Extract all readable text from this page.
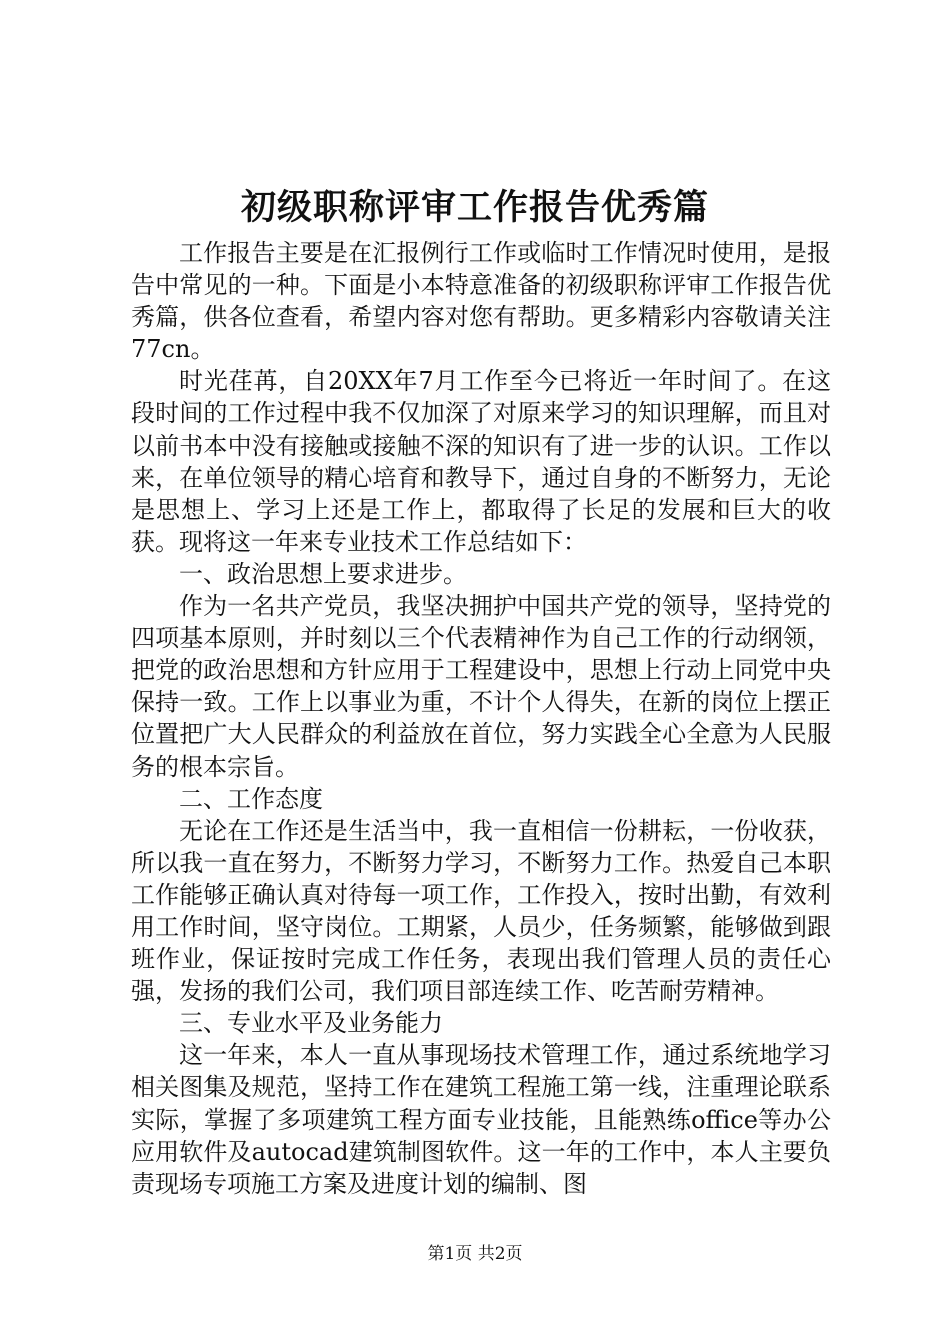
初级职称评审工作报告优秀篇

工作报告主要是在汇报例行工作或临时工作情况时使用，是报告中常见的一种。下面是小本特意准备的初级职称评审工作报告优秀篇，供各位查看，希望内容对您有帮助。更多精彩内容敬请关注77cn。

时光荏苒，自20XX年7月工作至今已将近一年时间了。在这段时间的工作过程中我不仅加深了对原来学习的知识理解，而且对以前书本中没有接触或接触不深的知识有了进一步的认识。工作以来，在单位领导的精心培育和教导下，通过自身的不断努力，无论是思想上、学习上还是工作上，都取得了长足的发展和巨大的收获。现将这一年来专业技术工作总结如下：

一、政治思想上要求进步。

作为一名共产党员，我坚决拥护中国共产党的领导，坚持党的四项基本原则，并时刻以三个代表精神作为自己工作的行动纲领，把党的政治思想和方针应用于工程建设中，思想上行动上同党中央保持一致。工作上以事业为重，不计个人得失，在新的岗位上摆正位置把广大人民群众的利益放在首位，努力实践全心全意为人民服务的根本宗旨。

二、工作态度

无论在工作还是生活当中，我一直相信一份耕耘，一份收获，所以我一直在努力，不断努力学习，不断努力工作。热爱自己本职工作能够正确认真对待每一项工作，工作投入，按时出勤，有效利用工作时间，坚守岗位。工期紧，人员少，任务频繁，能够做到跟班作业，保证按时完成工作任务，表现出我们管理人员的责任心强，发扬的我们公司，我们项目部连续工作、吃苦耐劳精神。

三、专业水平及业务能力

这一年来，本人一直从事现场技术管理工作，通过系统地学习相关图集及规范，坚持工作在建筑工程施工第一线，注重理论联系实际，掌握了多项建筑工程方面专业技能，且能熟练office等办公应用软件及autocad建筑制图软件。这一年的工作中，本人主要负责现场专项施工方案及进度计划的编制、图

第1页 共2页
